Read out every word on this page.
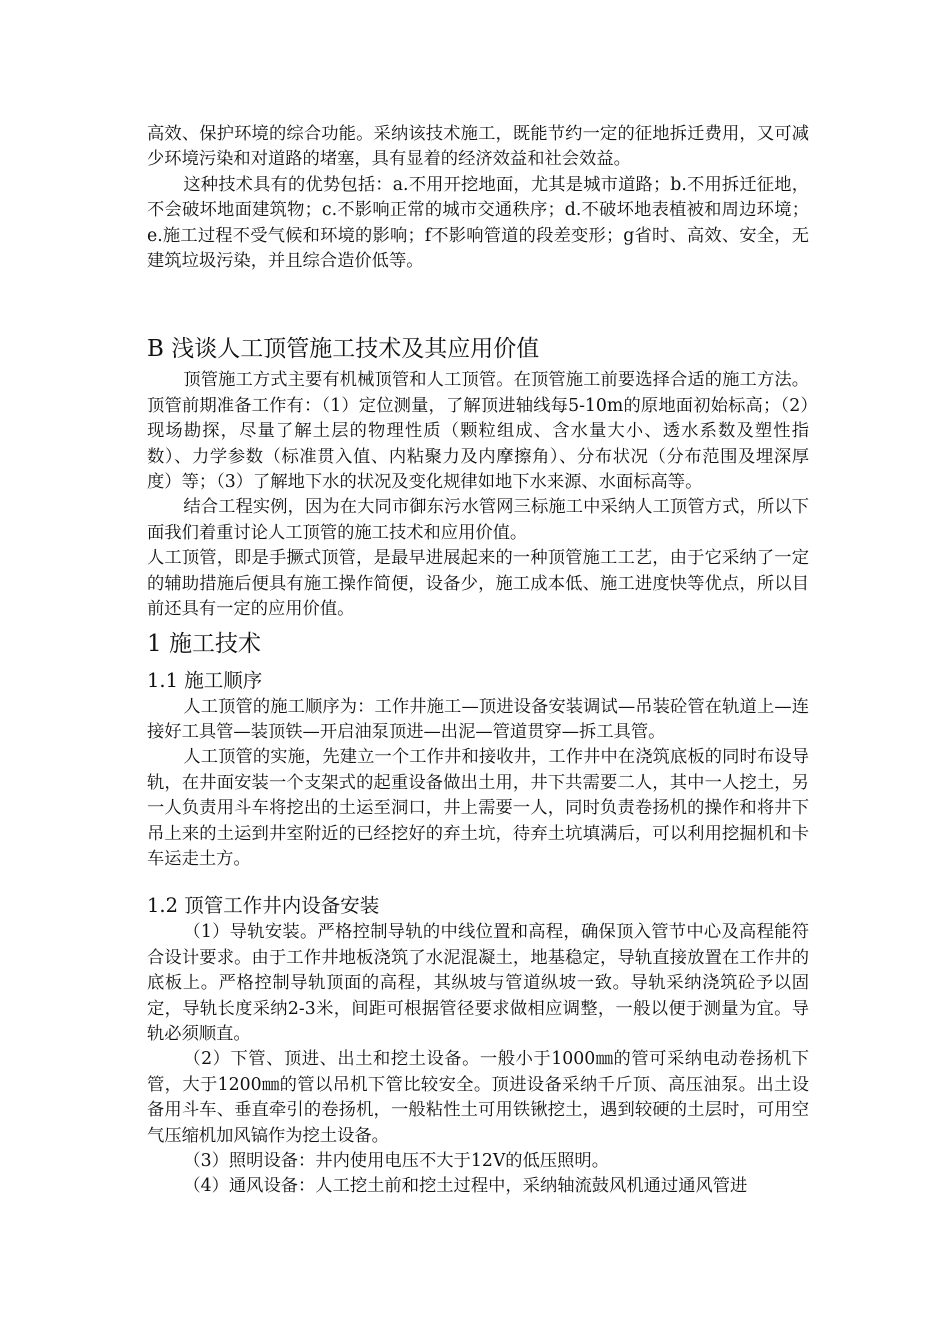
高效、保护环境的综合功能。采纳该技术施工，既能节约一定的征地拆迁费用，又可减少环境污染和对道路的堵塞，具有显着的经济效益和社会效益。

这种技术具有的优势包括：a.不用开挖地面，尤其是城市道路；b.不用拆迁征地，不会破坏地面建筑物；c.不影响正常的城市交通秩序；d.不破坏地表植被和周边环境；e.施工过程不受气候和环境的影响；f不影响管道的段差变形；g省时、高效、安全，无建筑垃圾污染，并且综合造价低等。

B 浅谈人工顶管施工技术及其应用价值

顶管施工方式主要有机械顶管和人工顶管。在顶管施工前要选择合适的施工方法。顶管前期准备工作有：（1）定位测量，了解顶进轴线每5-10m的原地面初始标高；（2）现场勘探，尽量了解土层的物理性质（颗粒组成、含水量大小、透水系数及塑性指数）、力学参数（标准贯入值、内粘聚力及内摩擦角）、分布状况（分布范围及埋深厚度）等；（3）了解地下水的状况及变化规律如地下水来源、水面标高等。

结合工程实例，因为在大同市御东污水管网三标施工中采纳人工顶管方式，所以下面我们着重讨论人工顶管的施工技术和应用价值。

人工顶管，即是手撅式顶管，是最早进展起来的一种顶管施工工艺，由于它采纳了一定的辅助措施后便具有施工操作简便，设备少，施工成本低、施工进度快等优点，所以目前还具有一定的应用价值。

1 施工技术
1.1 施工顺序

人工顶管的施工顺序为：工作井施工—顶进设备安装调试—吊装砼管在轨道上—连接好工具管—装顶铁—开启油泵顶进—出泥—管道贯穿—拆工具管。

人工顶管的实施，先建立一个工作井和接收井，工作井中在浇筑底板的同时布设导轨，在井面安装一个支架式的起重设备做出土用，井下共需要二人，其中一人挖土，另一人负责用斗车将挖出的土运至洞口，井上需要一人，同时负责卷扬机的操作和将井下吊上来的土运到井室附近的已经挖好的弃土坑，待弃土坑填满后，可以利用挖掘机和卡车运走土方。

1.2 顶管工作井内设备安装

（1）导轨安装。严格控制导轨的中线位置和高程，确保顶入管节中心及高程能符合设计要求。由于工作井地板浇筑了水泥混凝土，地基稳定，导轨直接放置在工作井的底板上。严格控制导轨顶面的高程，其纵坡与管道纵坡一致。导轨采纳浇筑砼予以固定，导轨长度采纳2-3米，间距可根据管径要求做相应调整，一般以便于测量为宜。导轨必须顺直。

（2）下管、顶进、出土和挖土设备。一般小于1000㎜的管可采纳电动卷扬机下管，大于1200㎜的管以吊机下管比较安全。顶进设备采纳千斤顶、高压油泵。出土设备用斗车、垂直牵引的卷扬机，一般粘性土可用铁锹挖土，遇到较硬的土层时，可用空气压缩机加风镐作为挖土设备。

（3）照明设备：井内使用电压不大于12V的低压照明。

（4）通风设备：人工挖土前和挖土过程中，采纳轴流鼓风机通过通风管进
